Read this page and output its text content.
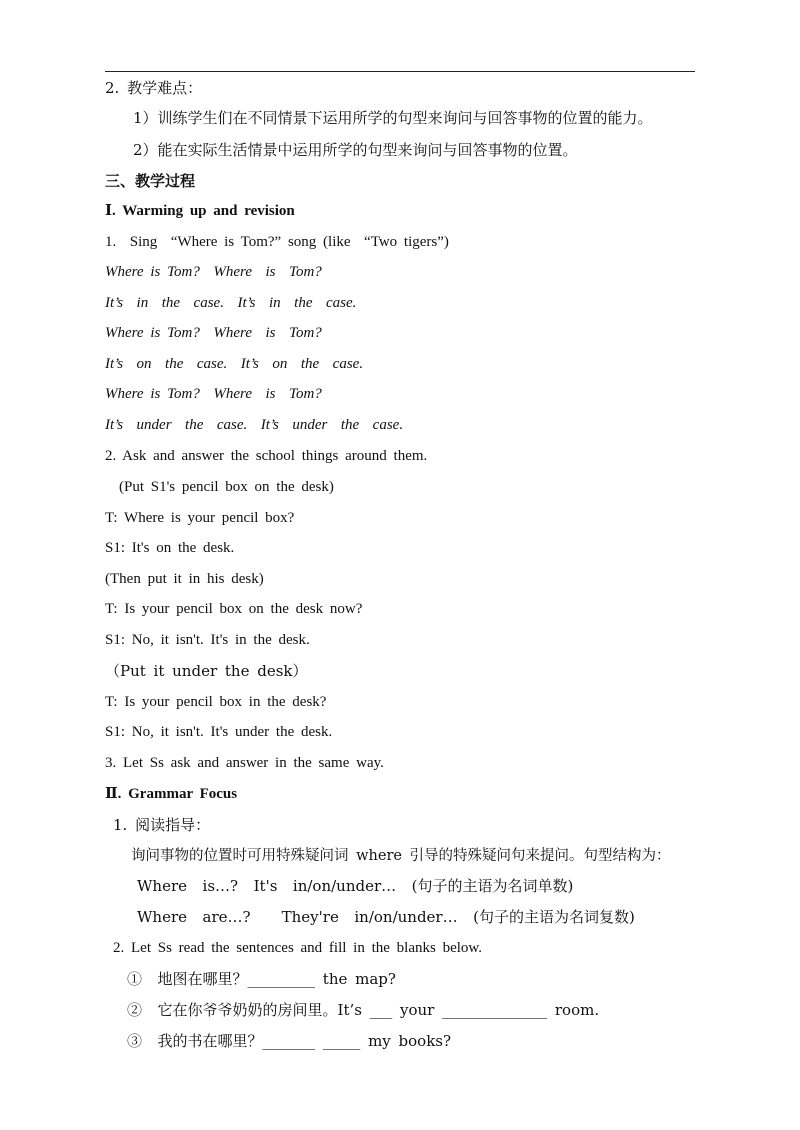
2. 教学难点：
1）训练学生们在不同情景下运用所学的句型来询问与回答事物的位置的能力。
2）能在实际生活情景中运用所学的句型来询问与回答事物的位置。
三、教学过程
Ⅰ. Warming up and revision
1.  Sing  “Where is Tom?” song (like  “Two tigers”)
Where is Tom?  Where  is  Tom?
It’s  in  the  case.  It’s  in  the  case.
Where is Tom?  Where  is  Tom?
It’s  on  the  case.  It’s  on  the  case.
Where is Tom?  Where  is  Tom?
It’s  under  the  case.  It’s  under  the  case.
2. Ask and answer the school things around them.
(Put S1's pencil box on the desk)
T: Where is your pencil box?
S1: It's on the desk.
(Then put it in his desk)
T: Is your pencil box on the desk now?
S1: No, it isn't. It's in the desk.
（Put it under the desk）
T: Is your pencil box in the desk?
S1: No, it isn't. It's under the desk.
3. Let Ss ask and answer in the same way.
Ⅱ. Grammar Focus
1. 阅读指导：
询问事物的位置时可用特殊疑问词 where 引导的特殊疑问句来提问。句型结构为：
Where  is…?  It's  in/on/under…  (句子的主语为名词单数)
Where  are…?    They're  in/on/under…  (句子的主语为名词复数)
2. Let Ss read the sentences and fill in the blanks below.
①  地图在哪里？_________ the map?
②  它在你爷爷奶奶的房间里。It’s ___ your ______________ room.
③  我的书在哪里？_______ _____ my books?
